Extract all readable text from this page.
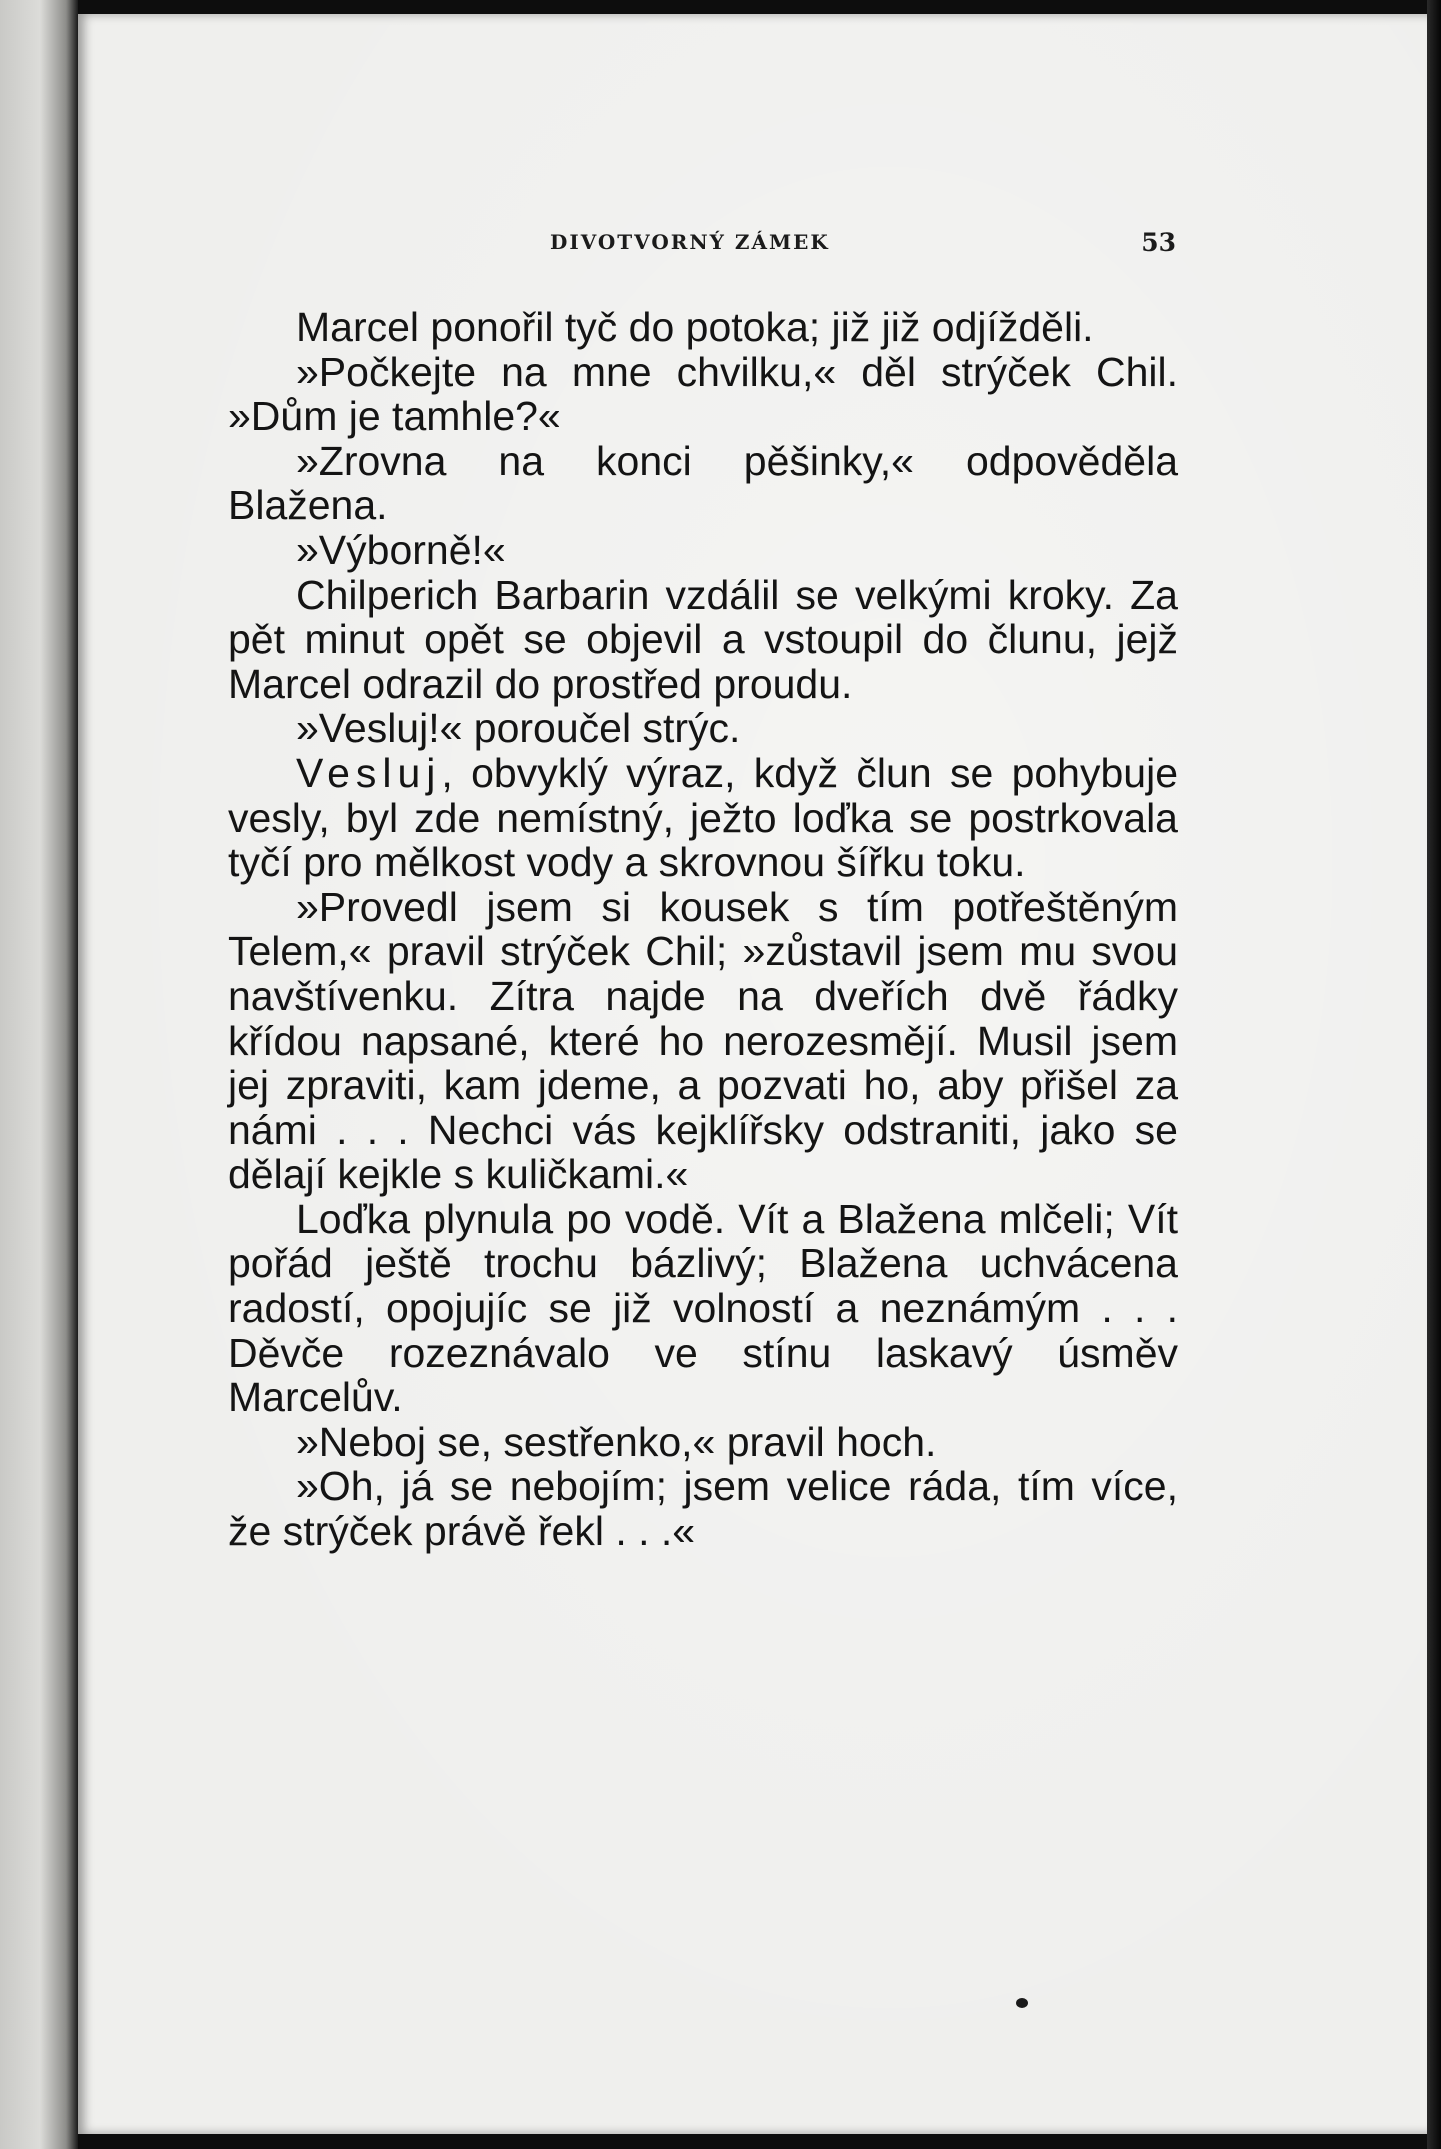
DIVOTVORNÝ ZÁMEK	53

Marcel ponořil tyč do potoka; již již odjížděli.

»Počkejte na mne chvilku,« děl strýček Chil. »Dům je tamhle?«

»Zrovna na konci pěšinky,« odpověděla Blažena.

»Výborně!«

Chilperich Barbarin vzdálil se velkými kroky. Za pět minut opět se objevil a vstoupil do člunu, jejž Marcel odrazil do prostřed proudu.

»Vesluj!« poroučel strýc.

Vesluj, obvyklý výraz, když člun se pohybuje vesly, byl zde nemístný, ježto loďka se postrkovala tyčí pro mělkost vody a skrovnou šířku toku.

»Provedl jsem si kousek s tím potřeštěným Telem,« pravil strýček Chil; »zůstavil jsem mu svou navštívenku. Zítra najde na dveřích dvě řádky křídou napsané, které ho nerozesmějí. Musil jsem jej zpraviti, kam jdeme, a pozvati ho, aby přišel za námi . . . Nechci vás kejklířsky odstraniti, jako se dělají kejkle s kuličkami.«

Loďka plynula po vodě. Vít a Blažena mlčeli; Vít pořád ještě trochu bázlivý; Blažena uchvácena radostí, opojujíc se již volností a neznámým . . . Děvče rozeznávalo ve stínu laskavý úsměv Marcelův.

»Neboj se, sestřenko,« pravil hoch.

»Oh, já se nebojím; jsem velice ráda, tím více, že strýček právě řekl . . .«
